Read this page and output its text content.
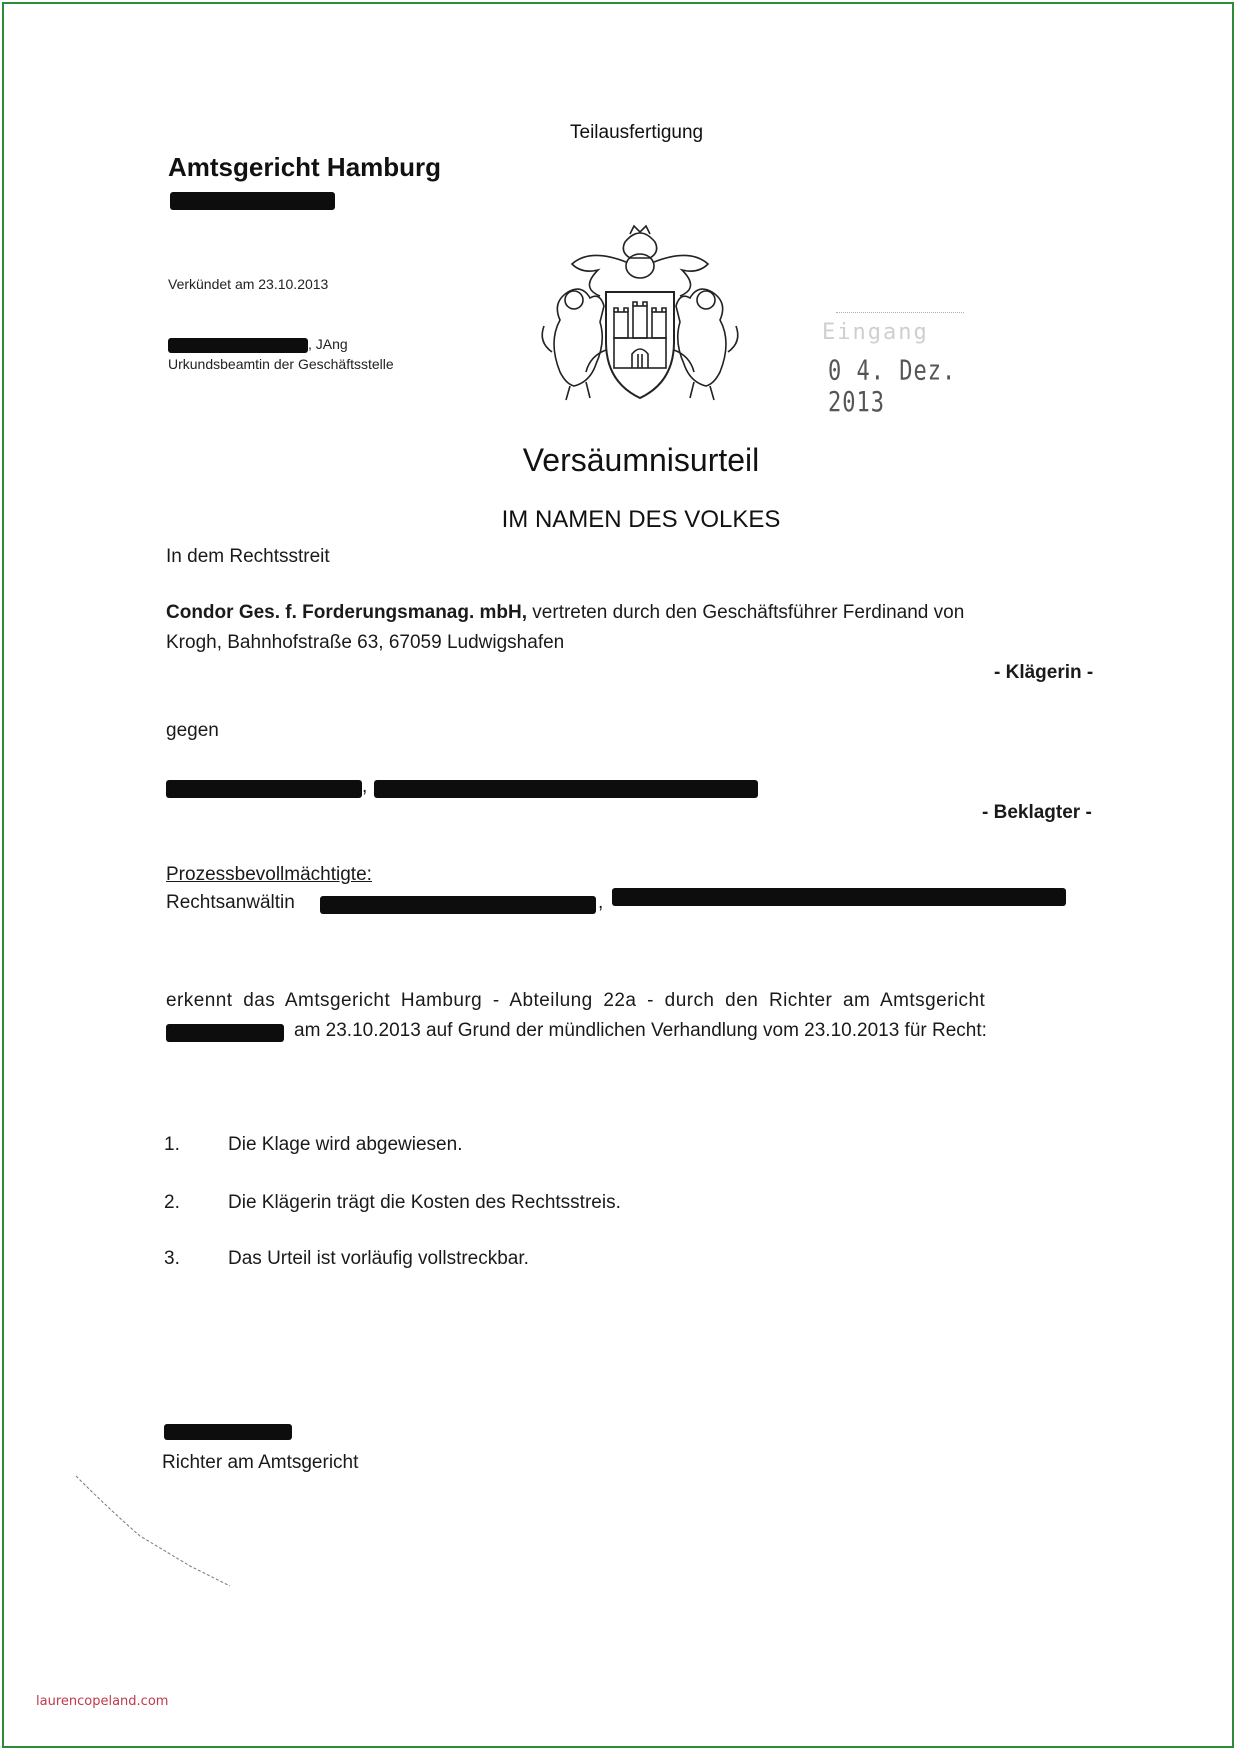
Teilausfertigung
Amtsgericht Hamburg
Verkündet am 23.10.2013
, JAng
Urkundsbeamtin der Geschäftsstelle
Eingang
0 4. Dez. 2013
Versäumnisurteil
IM NAMEN DES VOLKES
In dem Rechtsstreit
Condor Ges. f. Forderungsmanag. mbH, vertreten durch den Geschäftsführer Ferdinand von
Krogh, Bahnhofstraße 63, 67059 Ludwigshafen
- Klägerin -
gegen
,
- Beklagter -
Prozessbevollmächtigte:
Rechtsanwältin	,
erkennt das Amtsgericht Hamburg - Abteilung 22a - durch den Richter am Amtsgericht
am 23.10.2013 auf Grund der mündlichen Verhandlung vom 23.10.2013 für Recht:
1.	Die Klage wird abgewiesen.
2.	Die Klägerin trägt die Kosten des Rechtsstreis.
3.	Das Urteil ist vorläufig vollstreckbar.
Richter am Amtsgericht
laurencopeland.com
